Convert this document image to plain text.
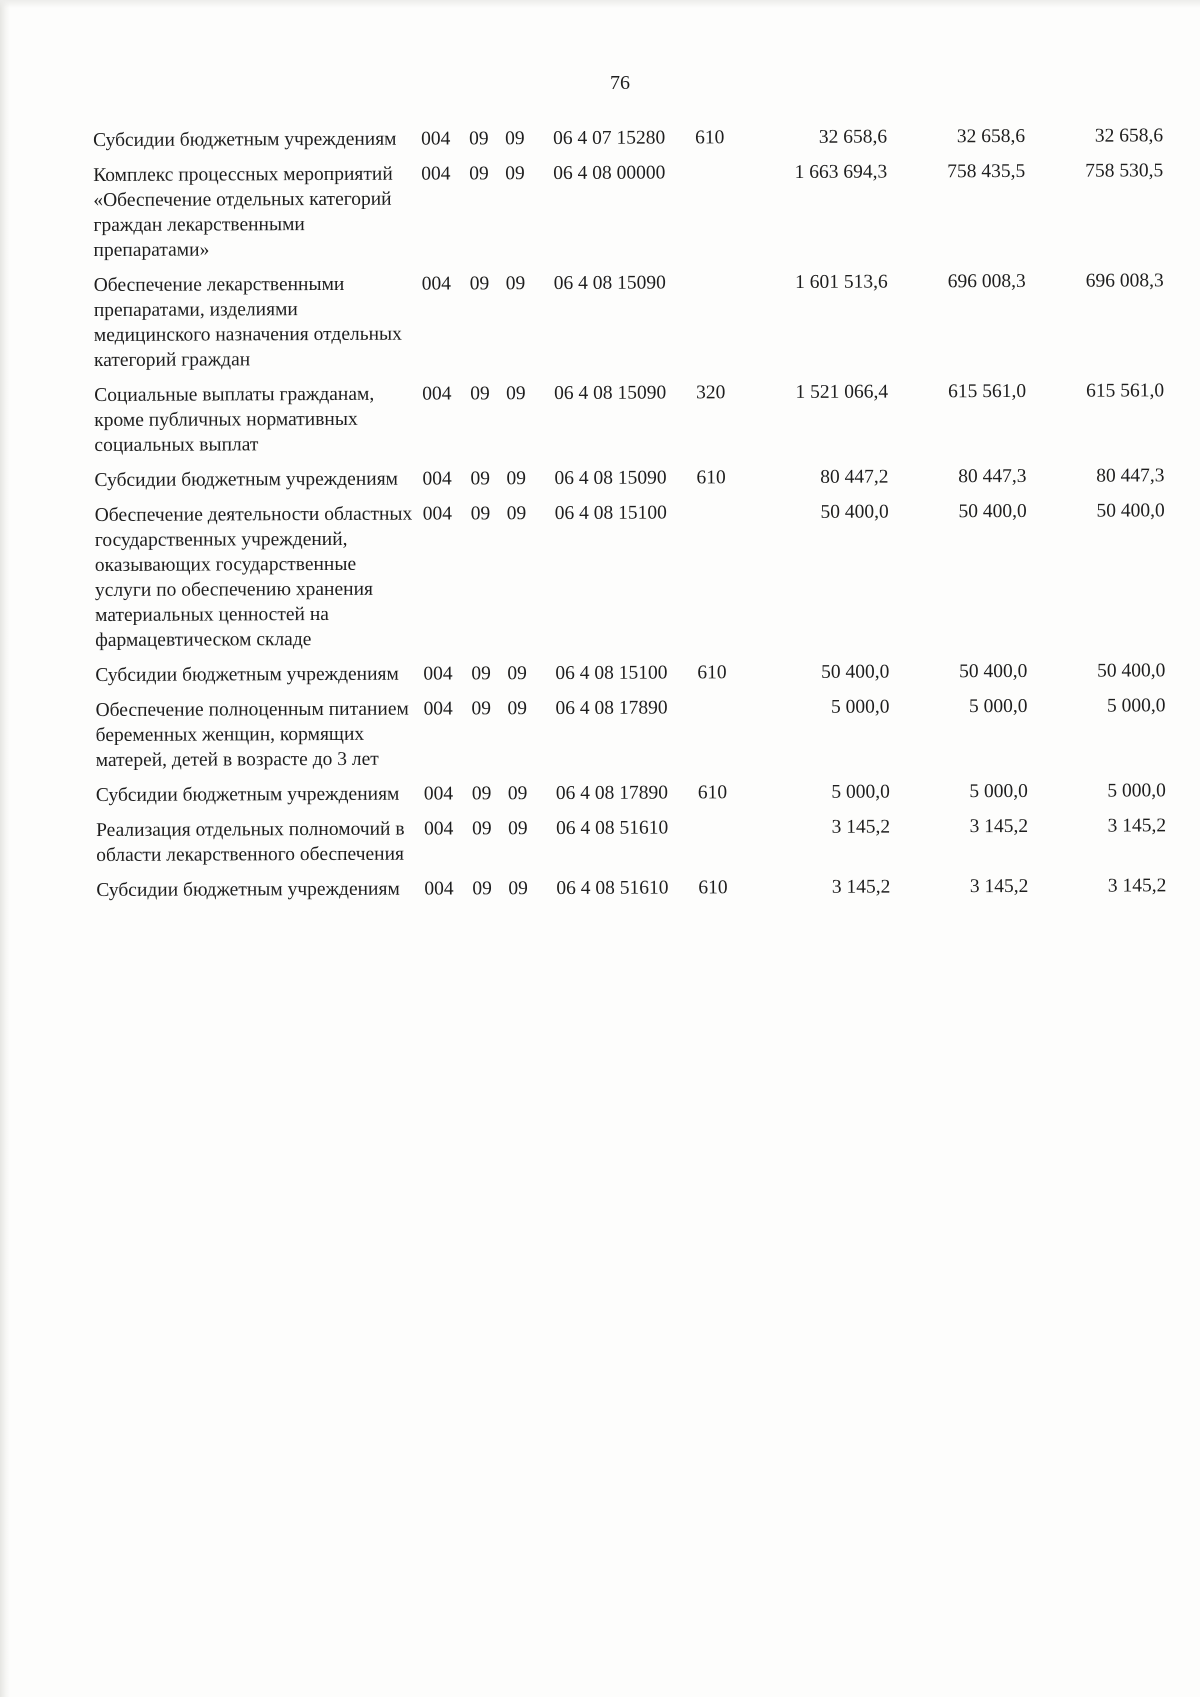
76
Субсидии бюджетным учреждениям	004	09	09	06 4 07 15280	610	32 658,6	32 658,6	32 658,6
Комплекс процессных мероприятий «Обеспечение отдельных категорий граждан лекарственными препаратами»	004	09	09	06 4 08 00000		1 663 694,3	758 435,5	758 530,5
Обеспечение лекарственными препаратами, изделиями медицинского назначения отдельных категорий граждан	004	09	09	06 4 08 15090		1 601 513,6	696 008,3	696 008,3
Социальные выплаты гражданам, кроме публичных нормативных социальных выплат	004	09	09	06 4 08 15090	320	1 521 066,4	615 561,0	615 561,0
Субсидии бюджетным учреждениям	004	09	09	06 4 08 15090	610	80 447,2	80 447,3	80 447,3
Обеспечение деятельности областных государственных учреждений, оказывающих государственные услуги по обеспечению хранения материальных ценностей на фармацевтическом складе	004	09	09	06 4 08 15100		50 400,0	50 400,0	50 400,0
Субсидии бюджетным учреждениям	004	09	09	06 4 08 15100	610	50 400,0	50 400,0	50 400,0
Обеспечение полноценным питанием беременных женщин, кормящих матерей, детей в возрасте до 3 лет	004	09	09	06 4 08 17890		5 000,0	5 000,0	5 000,0
Субсидии бюджетным учреждениям	004	09	09	06 4 08 17890	610	5 000,0	5 000,0	5 000,0
Реализация отдельных полномочий в области лекарственного обеспечения	004	09	09	06 4 08 51610		3 145,2	3 145,2	3 145,2
Субсидии бюджетным учреждениям	004	09	09	06 4 08 51610	610	3 145,2	3 145,2	3 145,2
